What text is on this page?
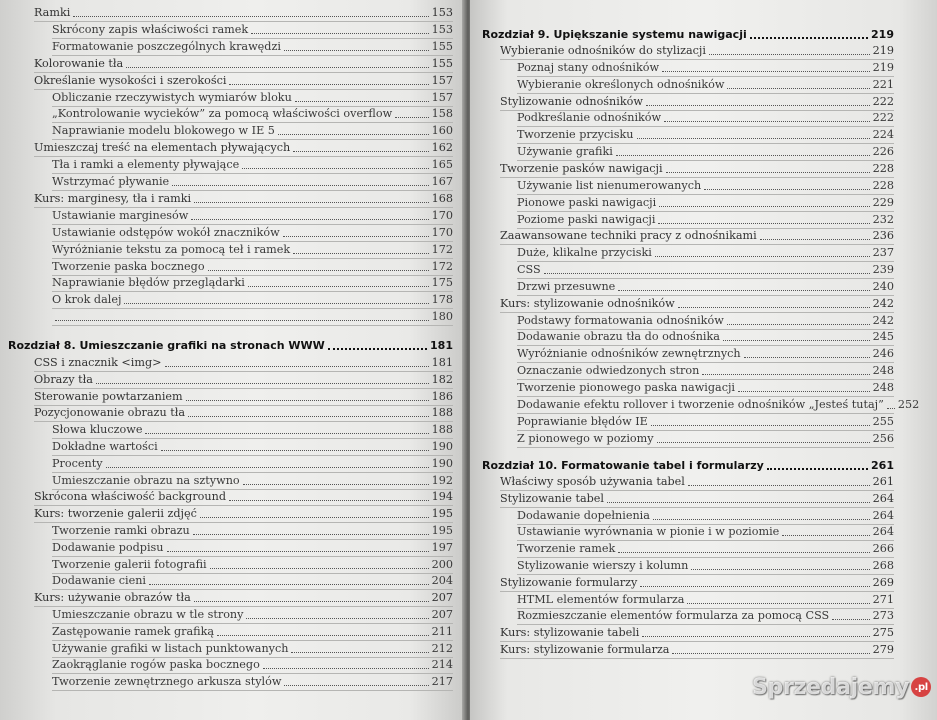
Ramki	153
Skrócony zapis właściwości ramek	153
Formatowanie poszczególnych krawędzi	155
Kolorowanie tła	155
Określanie wysokości i szerokości	157
Obliczanie rzeczywistych wymiarów bloku	157
„Kontrolowanie wycieków” za pomocą właściwości overflow	158
Naprawianie modelu blokowego w IE 5	160
Umieszczaj treść na elementach pływających	162
Tła i ramki a elementy pływające	165
Wstrzymać pływanie	167
Kurs: marginesy, tła i ramki	168
Ustawianie marginesów	170
Ustawianie odstępów wokół znaczników	170
Wyróżnianie tekstu za pomocą teł i ramek	172
Tworzenie paska bocznego	172
Naprawianie błędów przeglądarki	175
O krok dalej	178
180
Rozdział 8. Umieszczanie grafiki na stronach WWW	181
CSS i znacznik <img>	181
Obrazy tła	182
Sterowanie powtarzaniem	186
Pozycjonowanie obrazu tła	188
Słowa kluczowe	188
Dokładne wartości	190
Procenty	190
Umieszczanie obrazu na sztywno	192
Skrócona właściwość background	194
Kurs: tworzenie galerii zdjęć	195
Tworzenie ramki obrazu	195
Dodawanie podpisu	197
Tworzenie galerii fotografii	200
Dodawanie cieni	204
Kurs: używanie obrazów tła	207
Umieszczanie obrazu w tle strony	207
Zastępowanie ramek grafiką	211
Używanie grafiki w listach punktowanych	212
Zaokrąglanie rogów paska bocznego	214
Tworzenie zewnętrznego arkusza stylów	217
Rozdział 9. Upiększanie systemu nawigacji	219
Wybieranie odnośników do stylizacji	219
Poznaj stany odnośników	219
Wybieranie określonych odnośników	221
Stylizowanie odnośników	222
Podkreślanie odnośników	222
Tworzenie przycisku	224
Używanie grafiki	226
Tworzenie pasków nawigacji	228
Używanie list nienumerowanych	228
Pionowe paski nawigacji	229
Poziome paski nawigacji	232
Zaawansowane techniki pracy z odnośnikami	236
Duże, klikalne przyciski	237
CSS	239
Drzwi przesuwne	240
Kurs: stylizowanie odnośników	242
Podstawy formatowania odnośników	242
Dodawanie obrazu tła do odnośnika	245
Wyróżnianie odnośników zewnętrznych	246
Oznaczanie odwiedzonych stron	248
Tworzenie pionowego paska nawigacji	248
Dodawanie efektu rollover i tworzenie odnośników „Jesteś tutaj” 252
Poprawianie błędów IE	255
Z pionowego w poziomy	256
Rozdział 10. Formatowanie tabel i formularzy	261
Właściwy sposób używania tabel	261
Stylizowanie tabel	264
Dodawanie dopełnienia	264
Ustawianie wyrównania w pionie i w poziomie	264
Tworzenie ramek	266
Stylizowanie wierszy i kolumn	268
Stylizowanie formularzy	269
HTML elementów formularza	271
Rozmieszczanie elementów formularza za pomocą CSS	273
Kurs: stylizowanie tabeli	275
Kurs: stylizowanie formularza	279
Sprzedajemy .pl
